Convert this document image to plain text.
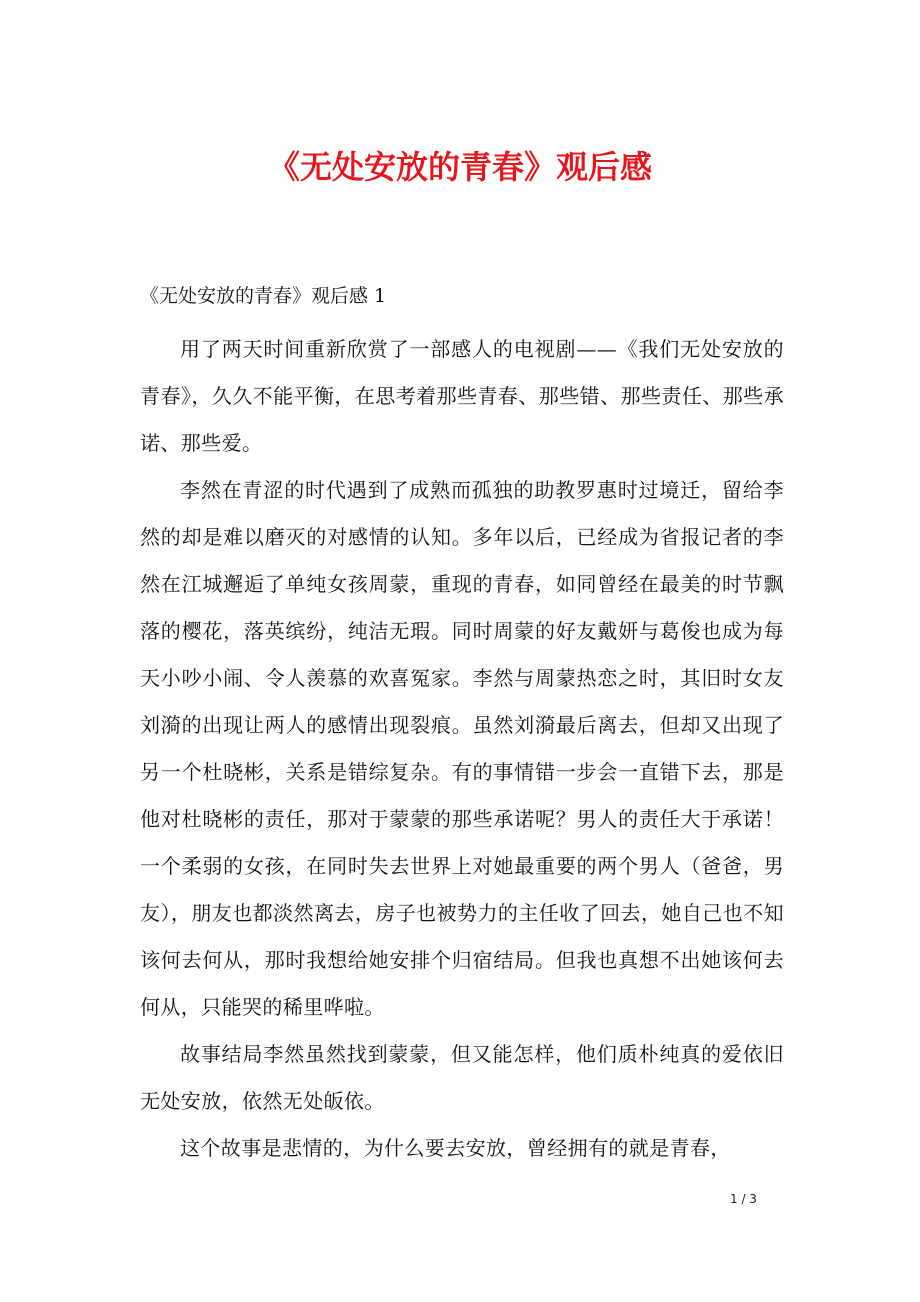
《无处安放的青春》观后感

《无处安放的青春》观后感 1

用了两天时间重新欣赏了一部感人的电视剧——《我们无处安放的青春》，久久不能平衡，在思考着那些青春、那些错、那些责任、那些承诺、那些爱。

李然在青涩的时代遇到了成熟而孤独的助教罗惠时过境迁，留给李然的却是难以磨灭的对感情的认知。多年以后，已经成为省报记者的李然在江城邂逅了单纯女孩周蒙，重现的青春，如同曾经在最美的时节飘落的樱花，落英缤纷，纯洁无瑕。同时周蒙的好友戴妍与葛俊也成为每天小吵小闹、令人羡慕的欢喜冤家。李然与周蒙热恋之时，其旧时女友刘漪的出现让两人的感情出现裂痕。虽然刘漪最后离去，但却又出现了另一个杜晓彬，关系是错综复杂。有的事情错一步会一直错下去，那是他对杜晓彬的责任，那对于蒙蒙的那些承诺呢？男人的责任大于承诺！一个柔弱的女孩，在同时失去世界上对她最重要的两个男人（爸爸，男友），朋友也都淡然离去，房子也被势力的主任收了回去，她自己也不知该何去何从，那时我想给她安排个归宿结局。但我也真想不出她该何去何从，只能哭的稀里哗啦。

故事结局李然虽然找到蒙蒙，但又能怎样，他们质朴纯真的爱依旧无处安放，依然无处皈依。

这个故事是悲情的，为什么要去安放，曾经拥有的就是青春，

1 / 3
